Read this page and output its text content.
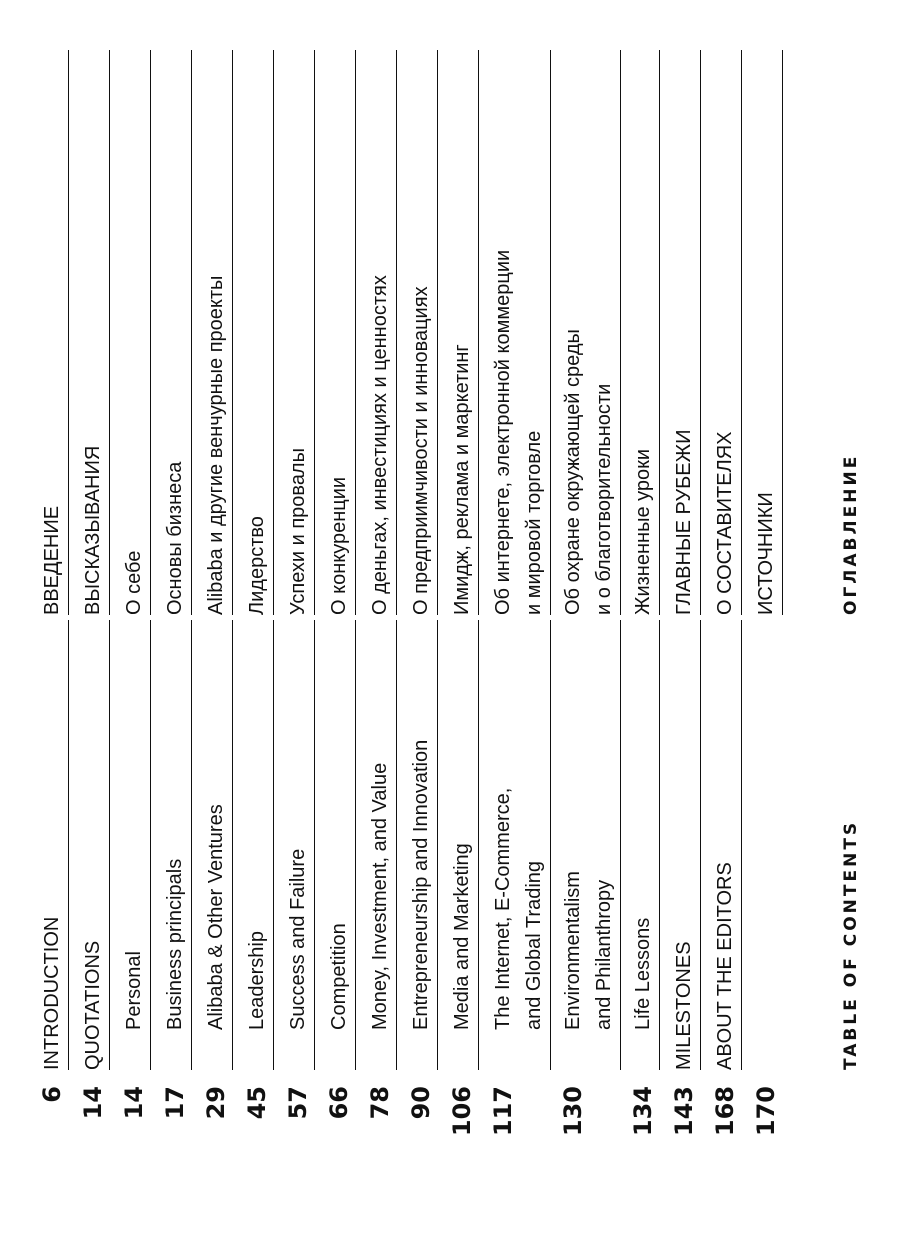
TABLE OF CONTENTS
ОГЛАВЛЕНИЕ
6
INTRODUCTION
ВВЕДЕНИЕ
14
QUOTATIONS
ВЫСКАЗЫВАНИЯ
14
Personal
О себе
17
Business principals
Основы бизнеса
29
Alibaba & Other Ventures
Alibaba и другие венчурные проекты
45
Leadership
Лидерство
57
Success and Failure
Успехи и провалы
66
Competition
О конкуренции
78
Money, Investment, and Value
О деньгах, инвестициях и ценностях
90
Entrepreneurship and Innovation
О предприимчивости и инновациях
106
Media and Marketing
Имидж, реклама и маркетинг
117
The Internet, E-Commerce, and Global Trading
Об интернете, электронной коммерции и мировой торговле
130
Environmentalism and Philanthropy
Об охране окружающей среды и о благотворительности
134
Life Lessons
Жизненные уроки
143
MILESTONES
ГЛАВНЫЕ РУБЕЖИ
168
ABOUT THE EDITORS
О СОСТАВИТЕЛЯХ
170
ИСТОЧНИКИ
